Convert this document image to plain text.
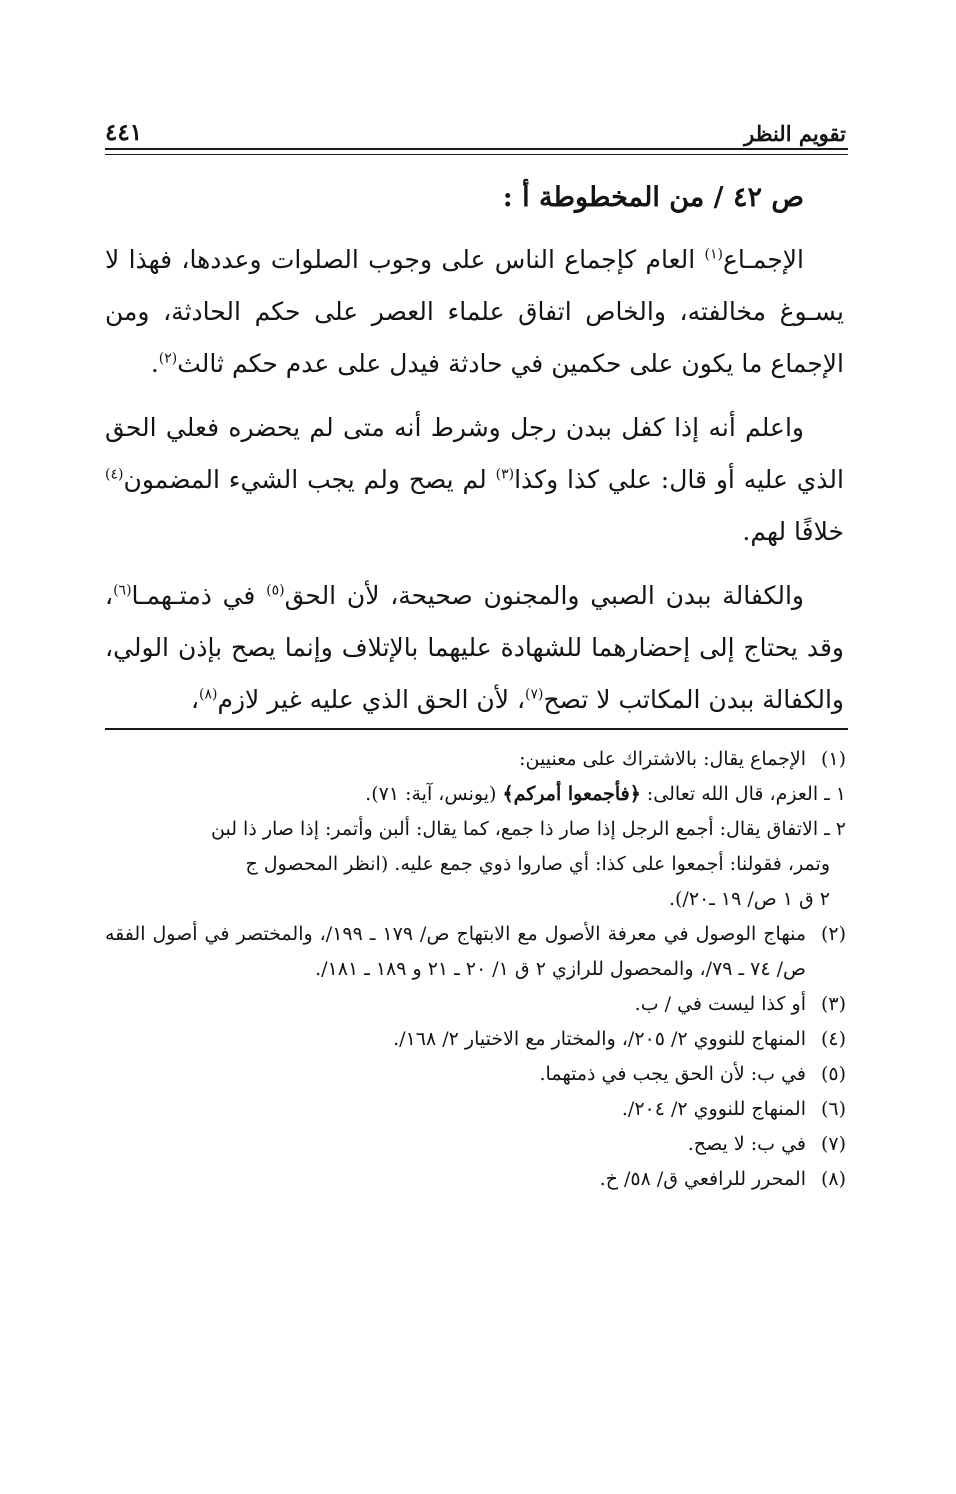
٤٤١	تقويم النظر
ص ٤٢ / من المخطوطة أ :

الإجمـاع$^{(١)}$ العام كإجماع الناس على وجوب الصلوات وعددها، فهذا لا يسـوغ مخالفته، والخاص اتفاق علماء العصر على حكم الحادثة، ومن الإجماع ما يكون على حكمين في حادثة فيدل على عدم حكم ثالث$^{(٢)}$.

واعلم أنه إذا كفل ببدن رجل وشرط أنه متى لم يحضره فعلي الحق الذي عليه أو قال: علي كذا وكذا$^{(٣)}$ لم يصح ولم يجب الشيء المضمون$^{(٤)}$ خلافًا لهم.

والكفالة ببدن الصبي والمجنون صحيحة، لأن الحق$^{(٥)}$ في ذمتـهمـا$^{(٦)}$، وقد يحتاج إلى إحضارهما للشهادة عليهما بالإتلاف وإنما يصح بإذن الولي، والكفالة ببدن المكاتب لا تصح$^{(٧)}$، لأن الحق الذي عليه غير لازم$^{(٨)}$،

(١)
الإجماع يقال: بالاشتراك على معنيين:
١ ـ العزم، قال الله تعالى: ﴿فأجمعوا أمركم﴾ (يونس، آية: ٧١).
٢ ـ الاتفاق يقال: أجمع الرجل إذا صار ذا جمع، كما يقال: ألبن وأتمر: إذا صار ذا لبن
وتمر، فقولنا: أجمعوا على كذا: أي صاروا ذوي جمع عليه. (انظر المحصول ج
٢ ق ١ ص/ ١٩ ـ٢٠/).
(٢)
منهاج الوصول في معرفة الأصول مع الابتهاج ص/ ١٧٩ ـ ١٩٩/، والمختصر في أصول الفقه ص/ ٧٤ ـ ٧٩/، والمحصول للرازي ٢ ق ١/ ٢٠ ـ ٢١ و ١٨٩ ـ ١٨١/.
(٣)
أو كذا ليست في / ب.
(٤)
المنهاج للنووي ٢/ ٢٠٥/، والمختار مع الاختيار ٢/ ١٦٨/.
(٥)
في ب: لأن الحق يجب في ذمتهما.
(٦)
المنهاج للنووي ٢/ ٢٠٤/.
(٧)
في ب: لا يصح.
(٨)
المحرر للرافعي ق/ ٥٨/ خ.
